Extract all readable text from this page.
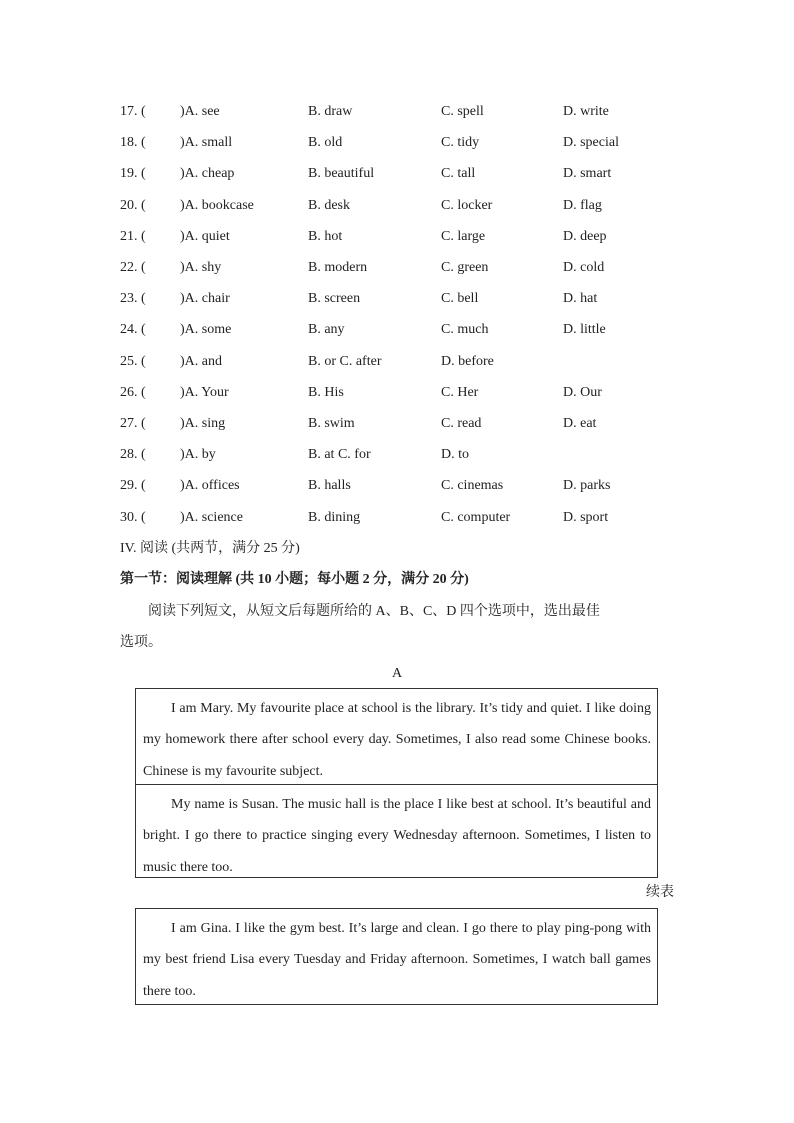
17. ( )A. see	B. draw	C. spell	D. write
18. ( )A. small	B. old	C. tidy	D. special
19. ( )A. cheap	B. beautiful	C. tall	D. smart
20. ( )A. bookcase	B. desk	C. locker	D. flag
21. ( )A. quiet	B. hot	C. large	D. deep
22. ( )A. shy	B. modern	C. green	D. cold
23. ( )A. chair	B. screen	C. bell	D. hat
24. ( )A. some	B. any	C. much	D. little
25. ( )A. and	B. or C. after	D. before
26. ( )A. Your	B. His	C. Her	D. Our
27. ( )A. sing	B. swim	C. read	D. eat
28. ( )A. by	B. at C. for	D. to
29. ( )A. offices	B. halls	C. cinemas	D. parks
30. ( )A. science	B. dining	C. computer	D. sport
IV. 阅读 (共两节，满分 25 分)
第一节：阅读理解 (共 10 小题；每小题 2 分，满分 20 分)
阅读下列短文，从短文后每题所给的 A、B、C、D 四个选项中，选出最佳
选项。
A
I am Mary. My favourite place at school is the library. It’s tidy and quiet. I like doing my homework there after school every day. Sometimes, I also read some Chinese books. Chinese is my favourite subject.
My name is Susan. The music hall is the place I like best at school. It’s beautiful and bright. I go there to practice singing every Wednesday afternoon. Sometimes, I listen to music there too.
续表
I am Gina. I like the gym best. It’s large and clean. I go there to play ping-pong with my best friend Lisa every Tuesday and Friday afternoon. Sometimes, I watch ball games there too.
